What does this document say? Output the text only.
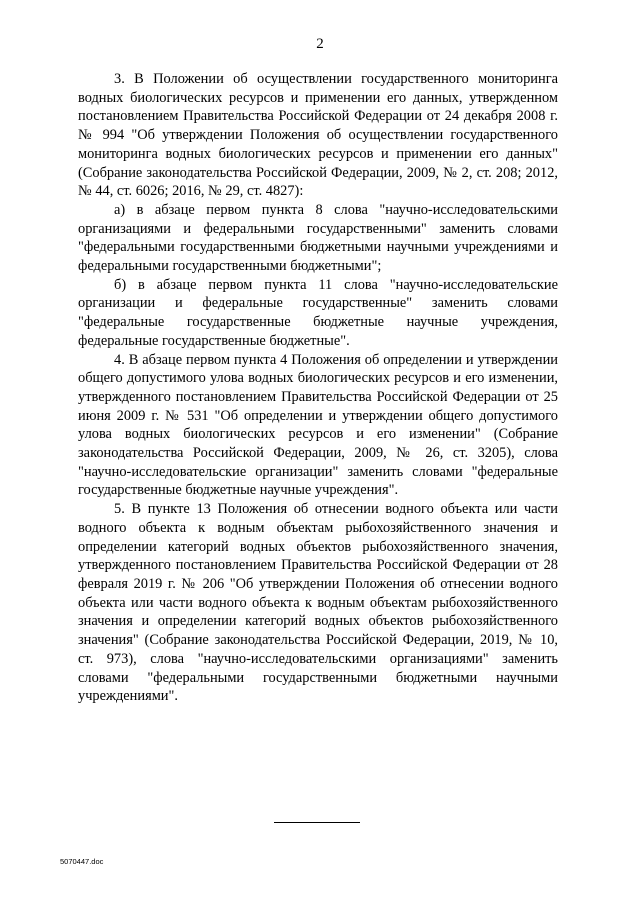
2

3. В Положении об осуществлении государственного мониторинга водных биологических ресурсов и применении его данных, утвержденном постановлением Правительства Российской Федерации от 24 декабря 2008 г. № 994 "Об утверждении Положения об осуществлении государственного мониторинга водных биологических ресурсов и применении его данных" (Собрание законодательства Российской Федерации, 2009, № 2, ст. 208; 2012, № 44, ст. 6026; 2016, № 29, ст. 4827):

а) в абзаце первом пункта 8 слова "научно-исследовательскими организациями и федеральными государственными" заменить словами "федеральными государственными бюджетными научными учреждениями и федеральными государственными бюджетными";

б) в абзаце первом пункта 11 слова "научно-исследовательские организации и федеральные государственные" заменить словами "федеральные государственные бюджетные научные учреждения, федеральные государственные бюджетные".

4. В абзаце первом пункта 4 Положения об определении и утверждении общего допустимого улова водных биологических ресурсов и его изменении, утвержденного постановлением Правительства Российской Федерации от 25 июня 2009 г. № 531 "Об определении и утверждении общего допустимого улова водных биологических ресурсов и его изменении" (Собрание законодательства Российской Федерации, 2009, № 26, ст. 3205), слова "научно-исследовательские организации" заменить словами "федеральные государственные бюджетные научные учреждения".

5. В пункте 13 Положения об отнесении водного объекта или части водного объекта к водным объектам рыбохозяйственного значения и определении категорий водных объектов рыбохозяйственного значения, утвержденного постановлением Правительства Российской Федерации от 28 февраля 2019 г. № 206 "Об утверждении Положения об отнесении водного объекта или части водного объекта к водным объектам рыбохозяйственного значения и определении категорий водных объектов рыбохозяйственного значения" (Собрание законодательства Российской Федерации, 2019, № 10, ст. 973), слова "научно-исследовательскими организациями" заменить словами "федеральными государственными бюджетными научными учреждениями".

5070447.doc
